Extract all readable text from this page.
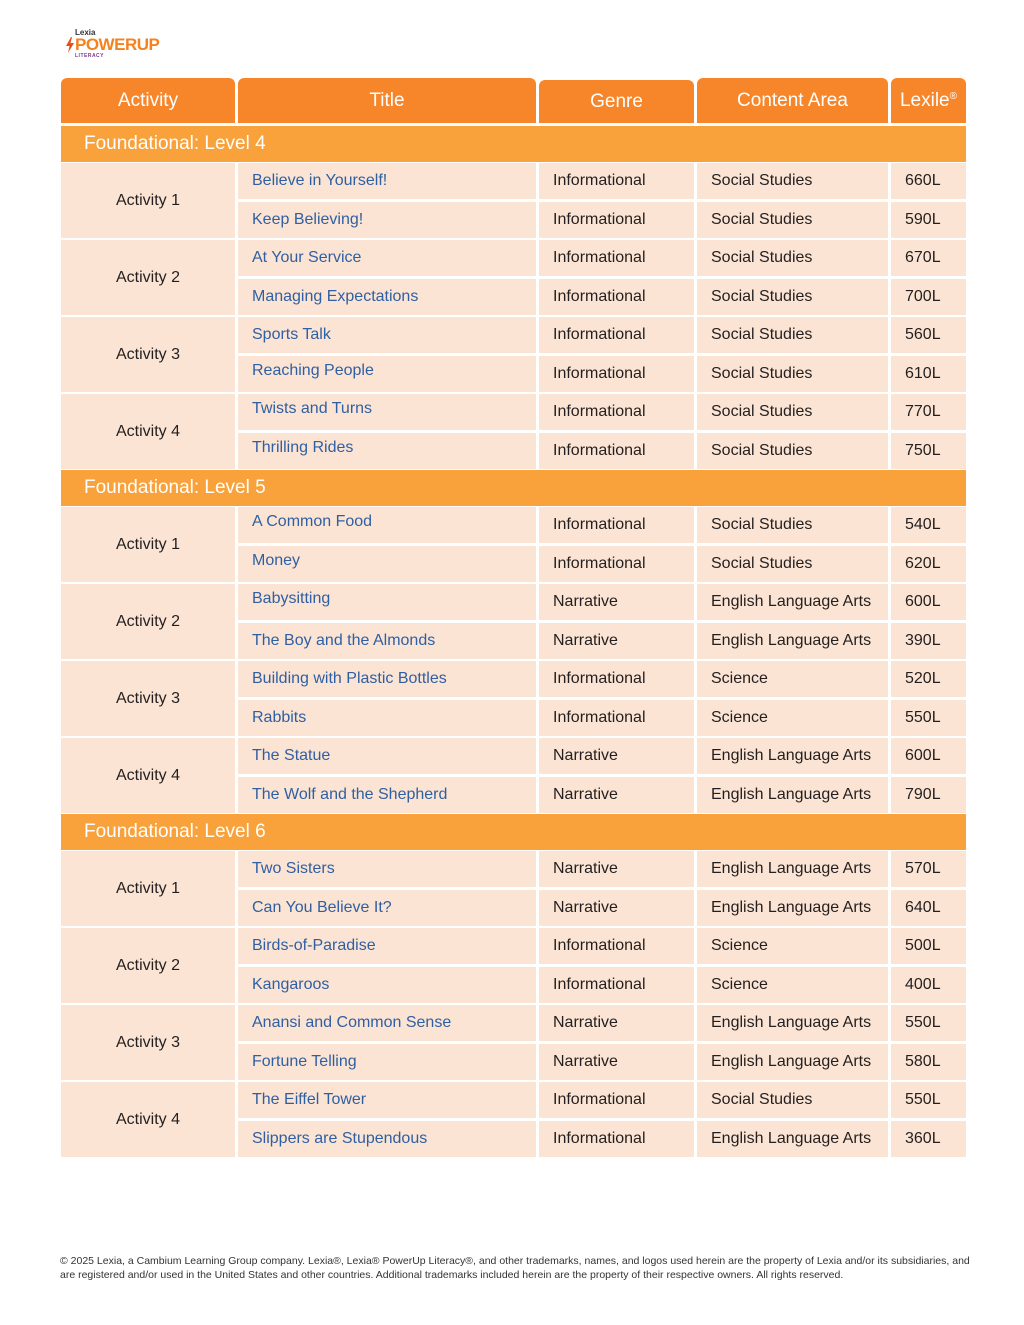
Lexia
POWERUP
LITERACY
Activity	Title	Genre	Content Area	Lexile®
Foundational: Level 4
Activity 1
Believe in Yourself!	Informational	Social Studies	660L
Keep Believing!	Informational	Social Studies	590L
Activity 2
At Your Service	Informational	Social Studies	670L
Managing Expectations	Informational	Social Studies	700L
Activity 3
Sports Talk	Informational	Social Studies	560L
Reaching People	Informational	Social Studies	610L
Activity 4
Twists and Turns	Informational	Social Studies	770L
Thrilling Rides	Informational	Social Studies	750L
Foundational: Level 5
Activity 1
A Common Food	Informational	Social Studies	540L
Money	Informational	Social Studies	620L
Activity 2
Babysitting	Narrative	English Language Arts	600L
The Boy and the Almonds	Narrative	English Language Arts	390L
Activity 3
Building with Plastic Bottles	Informational	Science	520L
Rabbits	Informational	Science	550L
Activity 4
The Statue	Narrative	English Language Arts	600L
The Wolf and the Shepherd	Narrative	English Language Arts	790L
Foundational: Level 6
Activity 1
Two Sisters	Narrative	English Language Arts	570L
Can You Believe It?	Narrative	English Language Arts	640L
Activity 2
Birds-of-Paradise	Informational	Science	500L
Kangaroos	Informational	Science	400L
Activity 3
Anansi and Common Sense	Narrative	English Language Arts	550L
Fortune Telling	Narrative	English Language Arts	580L
Activity 4
The Eiffel Tower	Informational	Social Studies	550L
Slippers are Stupendous	Informational	English Language Arts	360L
© 2025 Lexia, a Cambium Learning Group company. Lexia®, Lexia® PowerUp Literacy®, and other trademarks, names, and logos used herein are the property of Lexia and/or its subsidiaries, and are registered and/or used in the United States and other countries. Additional trademarks included herein are the property of their respective owners. All rights reserved.
